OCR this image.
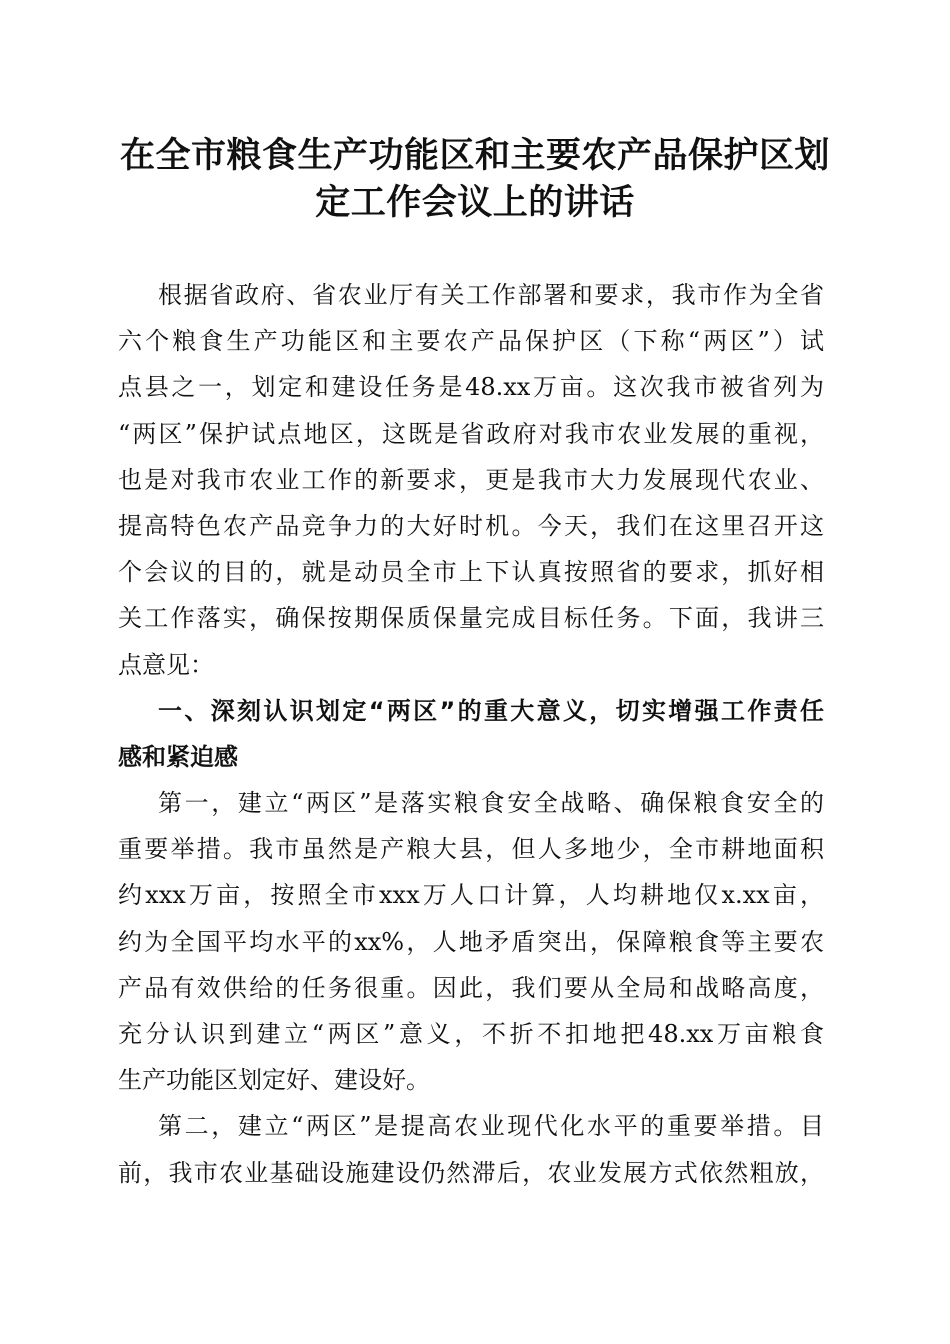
在全市粮食生产功能区和主要农产品保护区划
定工作会议上的讲话
根据省政府、省农业厅有关工作部署和要求，我市作为全省
六个粮食生产功能区和主要农产品保护区（下称“两区”）试
点县之一，划定和建设任务是48.xx万亩。这次我市被省列为
“两区”保护试点地区，这既是省政府对我市农业发展的重视，
也是对我市农业工作的新要求，更是我市大力发展现代农业、
提高特色农产品竞争力的大好时机。今天，我们在这里召开这
个会议的目的，就是动员全市上下认真按照省的要求，抓好相
关工作落实，确保按期保质保量完成目标任务。下面，我讲三
点意见：
一、深刻认识划定“两区”的重大意义，切实增强工作责任
感和紧迫感
第一，建立“两区”是落实粮食安全战略、确保粮食安全的
重要举措。我市虽然是产粮大县，但人多地少，全市耕地面积
约xxx万亩，按照全市xxx万人口计算，人均耕地仅x.xx亩，
约为全国平均水平的xx%，人地矛盾突出，保障粮食等主要农
产品有效供给的任务很重。因此，我们要从全局和战略高度，
充分认识到建立“两区”意义，不折不扣地把48.xx万亩粮食
生产功能区划定好、建设好。
第二，建立“两区”是提高农业现代化水平的重要举措。目
前，我市农业基础设施建设仍然滞后，农业发展方式依然粗放，
